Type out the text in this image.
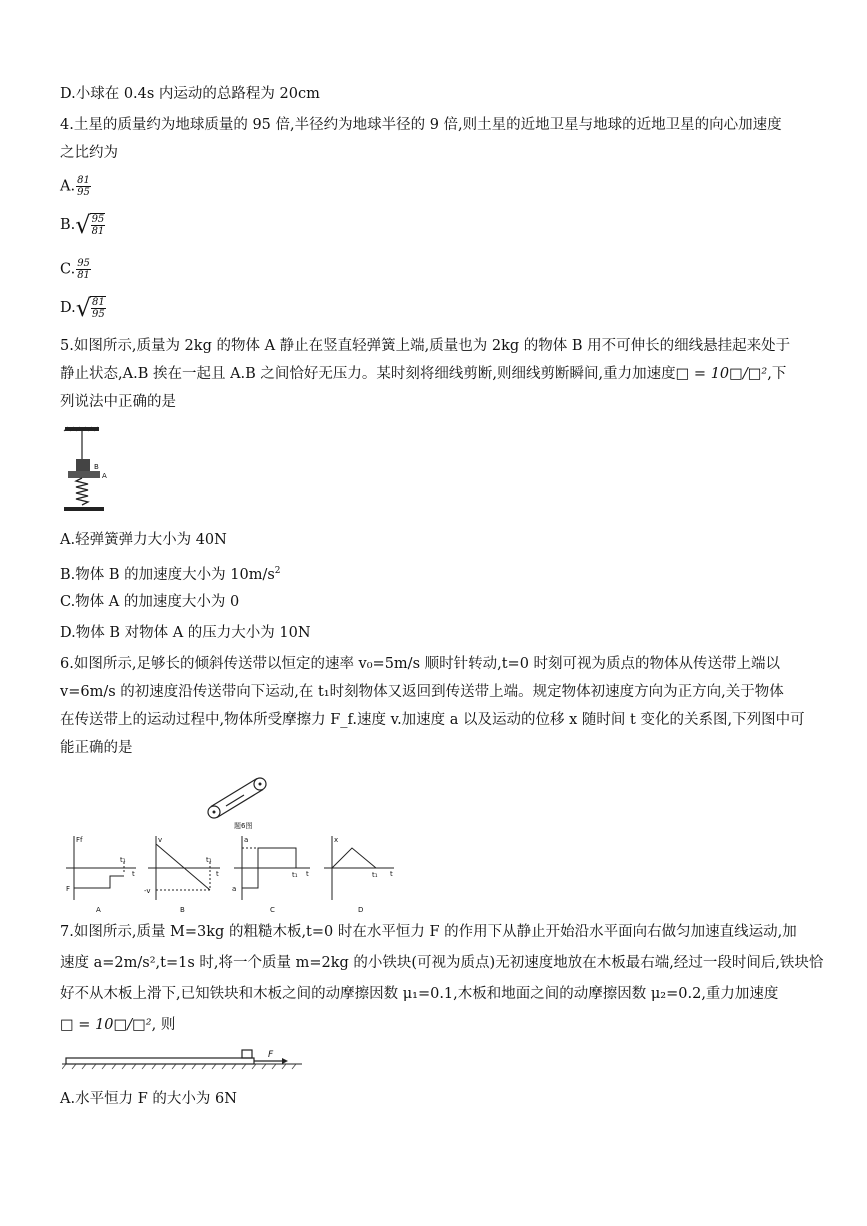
D.小球在 0.4s 内运动的总路程为 20cm
4.土星的质量约为地球质量的 95 倍,半径约为地球半径的 9 倍,则土星的近地卫星与地球的近地卫星的向心加速度
之比约为
A. $\frac{81}{95}$
B. √ $\frac{95}{81}$
C. $\frac{95}{81}$
D. √ $\frac{81}{95}$
5.如图所示,质量为 2kg 的物体 A 静止在竖直轻弹簧上端,质量也为 2kg 的物体 B 用不可伸长的细线悬挂起来处于
静止状态,A.B 挨在一起且 A.B 之间恰好无压力。某时刻将细线剪断,则细线剪断瞬间,重力加速度□ = 10□/□²,下
列说法中正确的是
B
A
A.轻弹簧弹力大小为 40N
B.物体 B 的加速度大小为 $10m/s^2$
C.物体 A 的加速度大小为 0
D.物体 B 对物体 A 的压力大小为 10N
6.如图所示,足够长的倾斜传送带以恒定的速率 v₀=5m/s 顺时针转动,t=0 时刻可视为质点的物体从传送带上端以
v=6m/s 的初速度沿传送带向下运动,在 t₁时刻物体又返回到传送带上端。规定物体初速度方向为正方向,关于物体
在传送带上的运动过程中,物体所受摩擦力 F_f.速度 v.加速度 a 以及运动的位移 x 随时间 t 变化的关系图,下列图中可
能正确的是
题6图
Ff
t
t₁
F
A
v
t
t₁
-v
B
a
t
t₁
a
C
x
t
t₁
D
7.如图所示,质量 M=3kg 的粗糙木板,t=0 时在水平恒力 F 的作用下从静止开始沿水平面向右做匀加速直线运动,加
速度 a=2m/s²,t=1s 时,将一个质量 m=2kg 的小铁块(可视为质点)无初速度地放在木板最右端,经过一段时间后,铁块恰
好不从木板上滑下,已知铁块和木板之间的动摩擦因数 μ₁=0.1,木板和地面之间的动摩擦因数 μ₂=0.2,重力加速度
□ = 10□/□², 则
F
A.水平恒力 F 的大小为 6N
